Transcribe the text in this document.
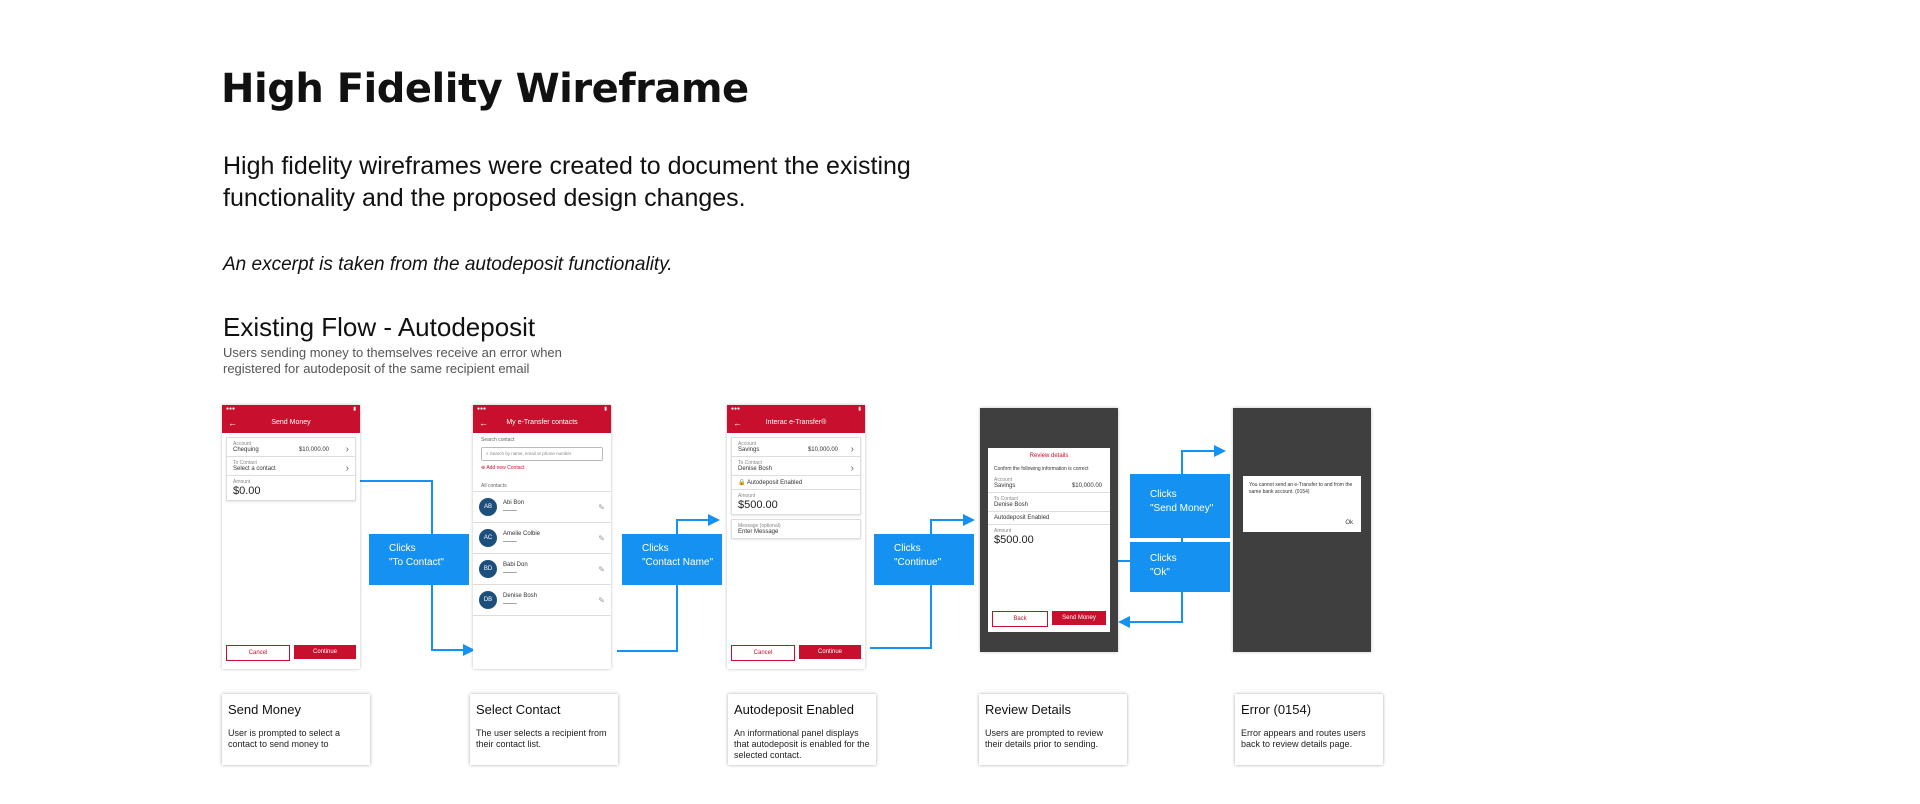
High Fidelity Wireframe
High fidelity wireframes were created to document the existing functionality and the proposed design changes.
An excerpt is taken from the autodeposit functionality.
Existing Flow - Autodeposit
Users sending money to themselves receive an error when registered for autodeposit of the same recipient email
●●●	▮
←	Send Money
Account
Chequing	$10,000.00 ›
To Contact
Select a contact	›
Amount
$0.00
Cancel	Continue
●●●	▮
←	My e-Transfer contacts
Search contact
⌕ Search by name, email or phone number
⊕ Add new Contact
All contacts
AB
Abi Bon
━━━━━	✎
AC
Amelie Colbie
━━━━━	✎
BD
Babi Don
━━━━━	✎
DB
Denise Bosh
━━━━━	✎
●●●	▮
←	Interac e-Transfer®
Account
Savings	$10,000.00 ›
To Contact
Denise Bosh	›
🔒 Autodeposit Enabled
Amount
$500.00
Message (optional)
Enter Message
Cancel	Continue
Review details
Confirm the following information is correct
Account
Savings	$10,000.00
To Contact
Denise Bosh
Autodeposit Enabled
Amount
$500.00
Back	Send Money
You cannot send an e-Transfer to and from the same bank account. (0154)
Ok
Clicks
"To Contact"
Clicks
"Contact Name"
Clicks
"Continue"
Clicks
"Send Money"
Clicks
"Ok"
Send Money
User is prompted to select a contact to send money to
Select Contact
The user selects a recipient from their contact list.
Autodeposit Enabled
An informational panel displays that autodeposit is enabled for the selected contact.
Review Details
Users are prompted to review their details prior to sending.
Error (0154)
Error appears and routes users back to review details page.
